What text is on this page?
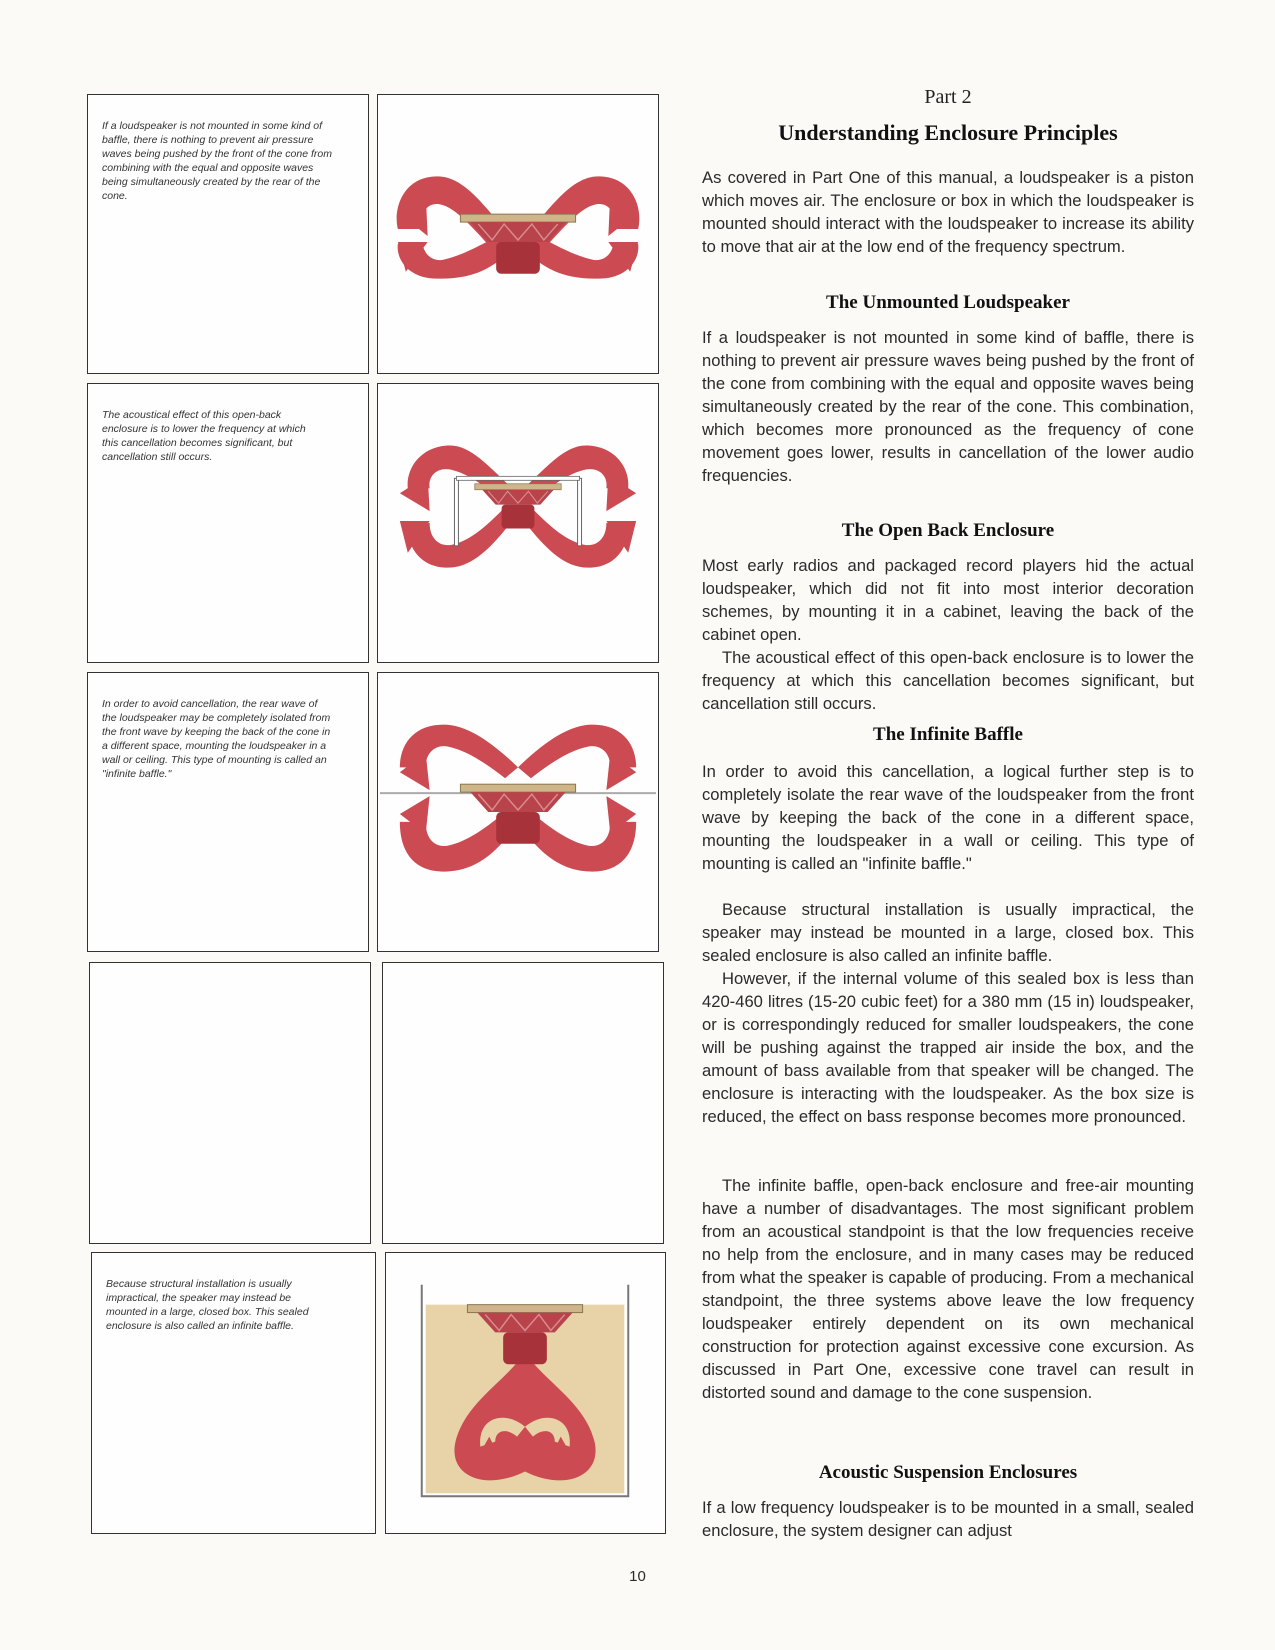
If a loudspeaker is not mounted in some kind of baffle, there is nothing to prevent air pressure waves being pushed by the front of the cone from combining with the equal and opposite waves being simultaneously created by the rear of the cone.
The acoustical effect of this open-back enclosure is to lower the frequency at which this cancellation becomes significant, but cancellation still occurs.
In order to avoid cancellation, the rear wave of the loudspeaker may be completely isolated from the front wave by keeping the back of the cone in a different space, mounting the loudspeaker in a wall or ceiling. This type of mounting is called an "infinite baffle."
Because structural installation is usually impractical, the speaker may instead be mounted in a large, closed box. This sealed enclosure is also called an infinite baffle.
Part 2
Understanding Enclosure Principles

As covered in Part One of this manual, a loudspeaker is a piston which moves air. The enclosure or box in which the loudspeaker is mounted should interact with the loudspeaker to increase its ability to move that air at the low end of the frequency spectrum.

The Unmounted Loudspeaker

If a loudspeaker is not mounted in some kind of baffle, there is nothing to prevent air pressure waves being pushed by the front of the cone from combining with the equal and opposite waves being simultaneously created by the rear of the cone. This combination, which becomes more pronounced as the frequency of cone movement goes lower, results in cancellation of the lower audio frequencies.

The Open Back Enclosure

Most early radios and packaged record players hid the actual loudspeaker, which did not fit into most interior decoration schemes, by mounting it in a cabinet, leaving the back of the cabinet open.

The acoustical effect of this open-back enclosure is to lower the frequency at which this cancellation becomes significant, but cancellation still occurs.

The Infinite Baffle

In order to avoid this cancellation, a logical further step is to completely isolate the rear wave of the loudspeaker from the front wave by keeping the back of the cone in a different space, mounting the loudspeaker in a wall or ceiling. This type of mounting is called an "infinite baffle."

Because structural installation is usually impractical, the speaker may instead be mounted in a large, closed box. This sealed enclosure is also called an infinite baffle.

However, if the internal volume of this sealed box is less than 420-460 litres (15-20 cubic feet) for a 380 mm (15 in) loudspeaker, or is correspondingly reduced for smaller loudspeakers, the cone will be pushing against the trapped air inside the box, and the amount of bass available from that speaker will be changed. The enclosure is interacting with the loudspeaker. As the box size is reduced, the effect on bass response becomes more pronounced.

The infinite baffle, open-back enclosure and free-air mounting have a number of disadvantages. The most significant problem from an acoustical standpoint is that the low frequencies receive no help from the enclosure, and in many cases may be reduced from what the speaker is capable of producing. From a mechanical standpoint, the three systems above leave the low frequency loudspeaker entirely dependent on its own mechanical construction for protection against excessive cone excursion. As discussed in Part One, excessive cone travel can result in distorted sound and damage to the cone suspension.

Acoustic Suspension Enclosures

If a low frequency loudspeaker is to be mounted in a small, sealed enclosure, the system designer can adjust

10
